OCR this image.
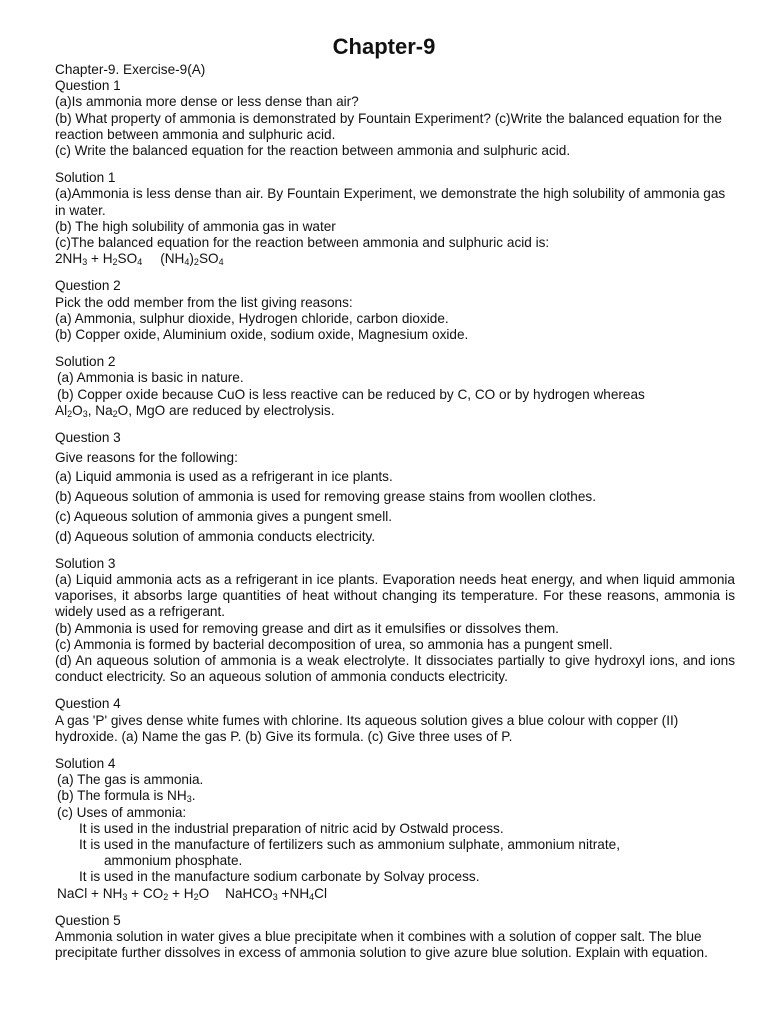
Chapter-9
Chapter-9. Exercise-9(A)
Question 1
(a)Is ammonia more dense or less dense than air?
(b) What property of ammonia is demonstrated by Fountain Experiment? (c)Write the balanced equation for the reaction between ammonia and sulphuric acid.
(c) Write the balanced equation for the reaction between ammonia and sulphuric acid.
Solution 1
(a)Ammonia is less dense than air. By Fountain Experiment, we demonstrate the high solubility of ammonia gas in water.
(b) The high solubility of ammonia gas in water
(c)The balanced equation for the reaction between ammonia and sulphuric acid is:
$2NH_3 + H_2SO_4$ $(NH_4)_2SO_4$
Question 2
Pick the odd member from the list giving reasons:
(a) Ammonia, sulphur dioxide, Hydrogen chloride, carbon dioxide.
(b) Copper oxide, Aluminium oxide, sodium oxide, Magnesium oxide.
Solution 2
(a) Ammonia is basic in nature.
(b) Copper oxide because CuO is less reactive can be reduced by C, CO or by hydrogen whereas
$Al_2O_3$, $Na_2O$, MgO are reduced by electrolysis.
Question 3
Give reasons for the following:
(a) Liquid ammonia is used as a refrigerant in ice plants.
(b) Aqueous solution of ammonia is used for removing grease stains from woollen clothes.
(c) Aqueous solution of ammonia gives a pungent smell.
(d) Aqueous solution of ammonia conducts electricity.
Solution 3
(a) Liquid ammonia acts as a refrigerant in ice plants. Evaporation needs heat energy, and when liquid ammonia vaporises, it absorbs large quantities of heat without changing its temperature. For these reasons, ammonia is widely used as a refrigerant.
(b) Ammonia is used for removing grease and dirt as it emulsifies or dissolves them.
(c) Ammonia is formed by bacterial decomposition of urea, so ammonia has a pungent smell.
(d) An aqueous solution of ammonia is a weak electrolyte. It dissociates partially to give hydroxyl ions, and ions conduct electricity. So an aqueous solution of ammonia conducts electricity.
Question 4
A gas 'P' gives dense white fumes with chlorine. Its aqueous solution gives a blue colour with copper (II) hydroxide. (a) Name the gas P. (b) Give its formula. (c) Give three uses of P.
Solution 4
(a) The gas is ammonia.
(b) The formula is $NH_3$.
(c) Uses of ammonia:
It is used in the industrial preparation of nitric acid by Ostwald process.
It is used in the manufacture of fertilizers such as ammonium sulphate, ammonium nitrate,
ammonium phosphate.
It is used in the manufacture sodium carbonate by Solvay process.
NaCl + $NH_3 + CO_2 + H_2O$ NaHCO$_3$ $+NH_4Cl$
Question 5
Ammonia solution in water gives a blue precipitate when it combines with a solution of copper salt. The blue precipitate further dissolves in excess of ammonia solution to give azure blue solution. Explain with equation.
